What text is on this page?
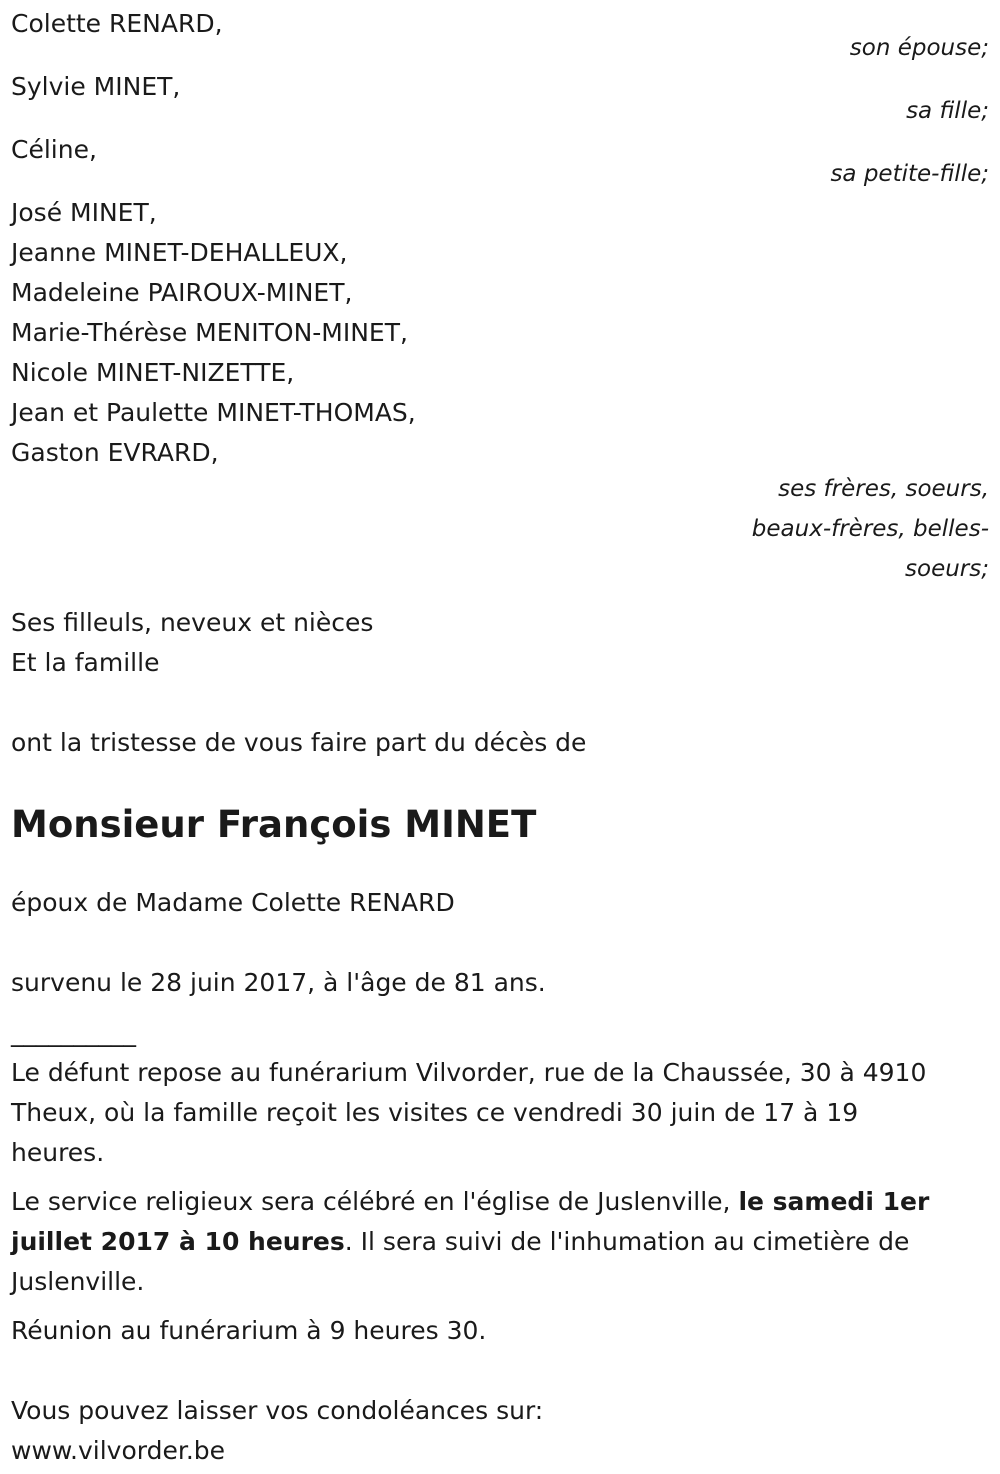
Colette RENARD,
son épouse;
Sylvie MINET,
sa fille;
Céline,
sa petite-fille;
José MINET,
Jeanne MINET-DEHALLEUX,
Madeleine PAIROUX-MINET,
Marie-Thérèse MENITON-MINET,
Nicole MINET-NIZETTE,
Jean et Paulette MINET-THOMAS,
Gaston EVRARD,
ses frères, soeurs,
beaux-frères, belles-
soeurs;
Ses filleuls, neveux et nièces
Et la famille
ont la tristesse de vous faire part du décès de
Monsieur François MINET
époux de Madame Colette RENARD
survenu le 28 juin 2017, à l'âge de 81 ans.
__________
Le défunt repose au funérarium Vilvorder, rue de la Chaussée, 30 à 4910
Theux, où la famille reçoit les visites ce vendredi 30 juin de 17 à 19
heures.
Le service religieux sera célébré en l'église de Juslenville, le samedi 1er
juillet 2017 à 10 heures. Il sera suivi de l'inhumation au cimetière de
Juslenville.
Réunion au funérarium à 9 heures 30.
Vous pouvez laisser vos condoléances sur:
www.vilvorder.be
